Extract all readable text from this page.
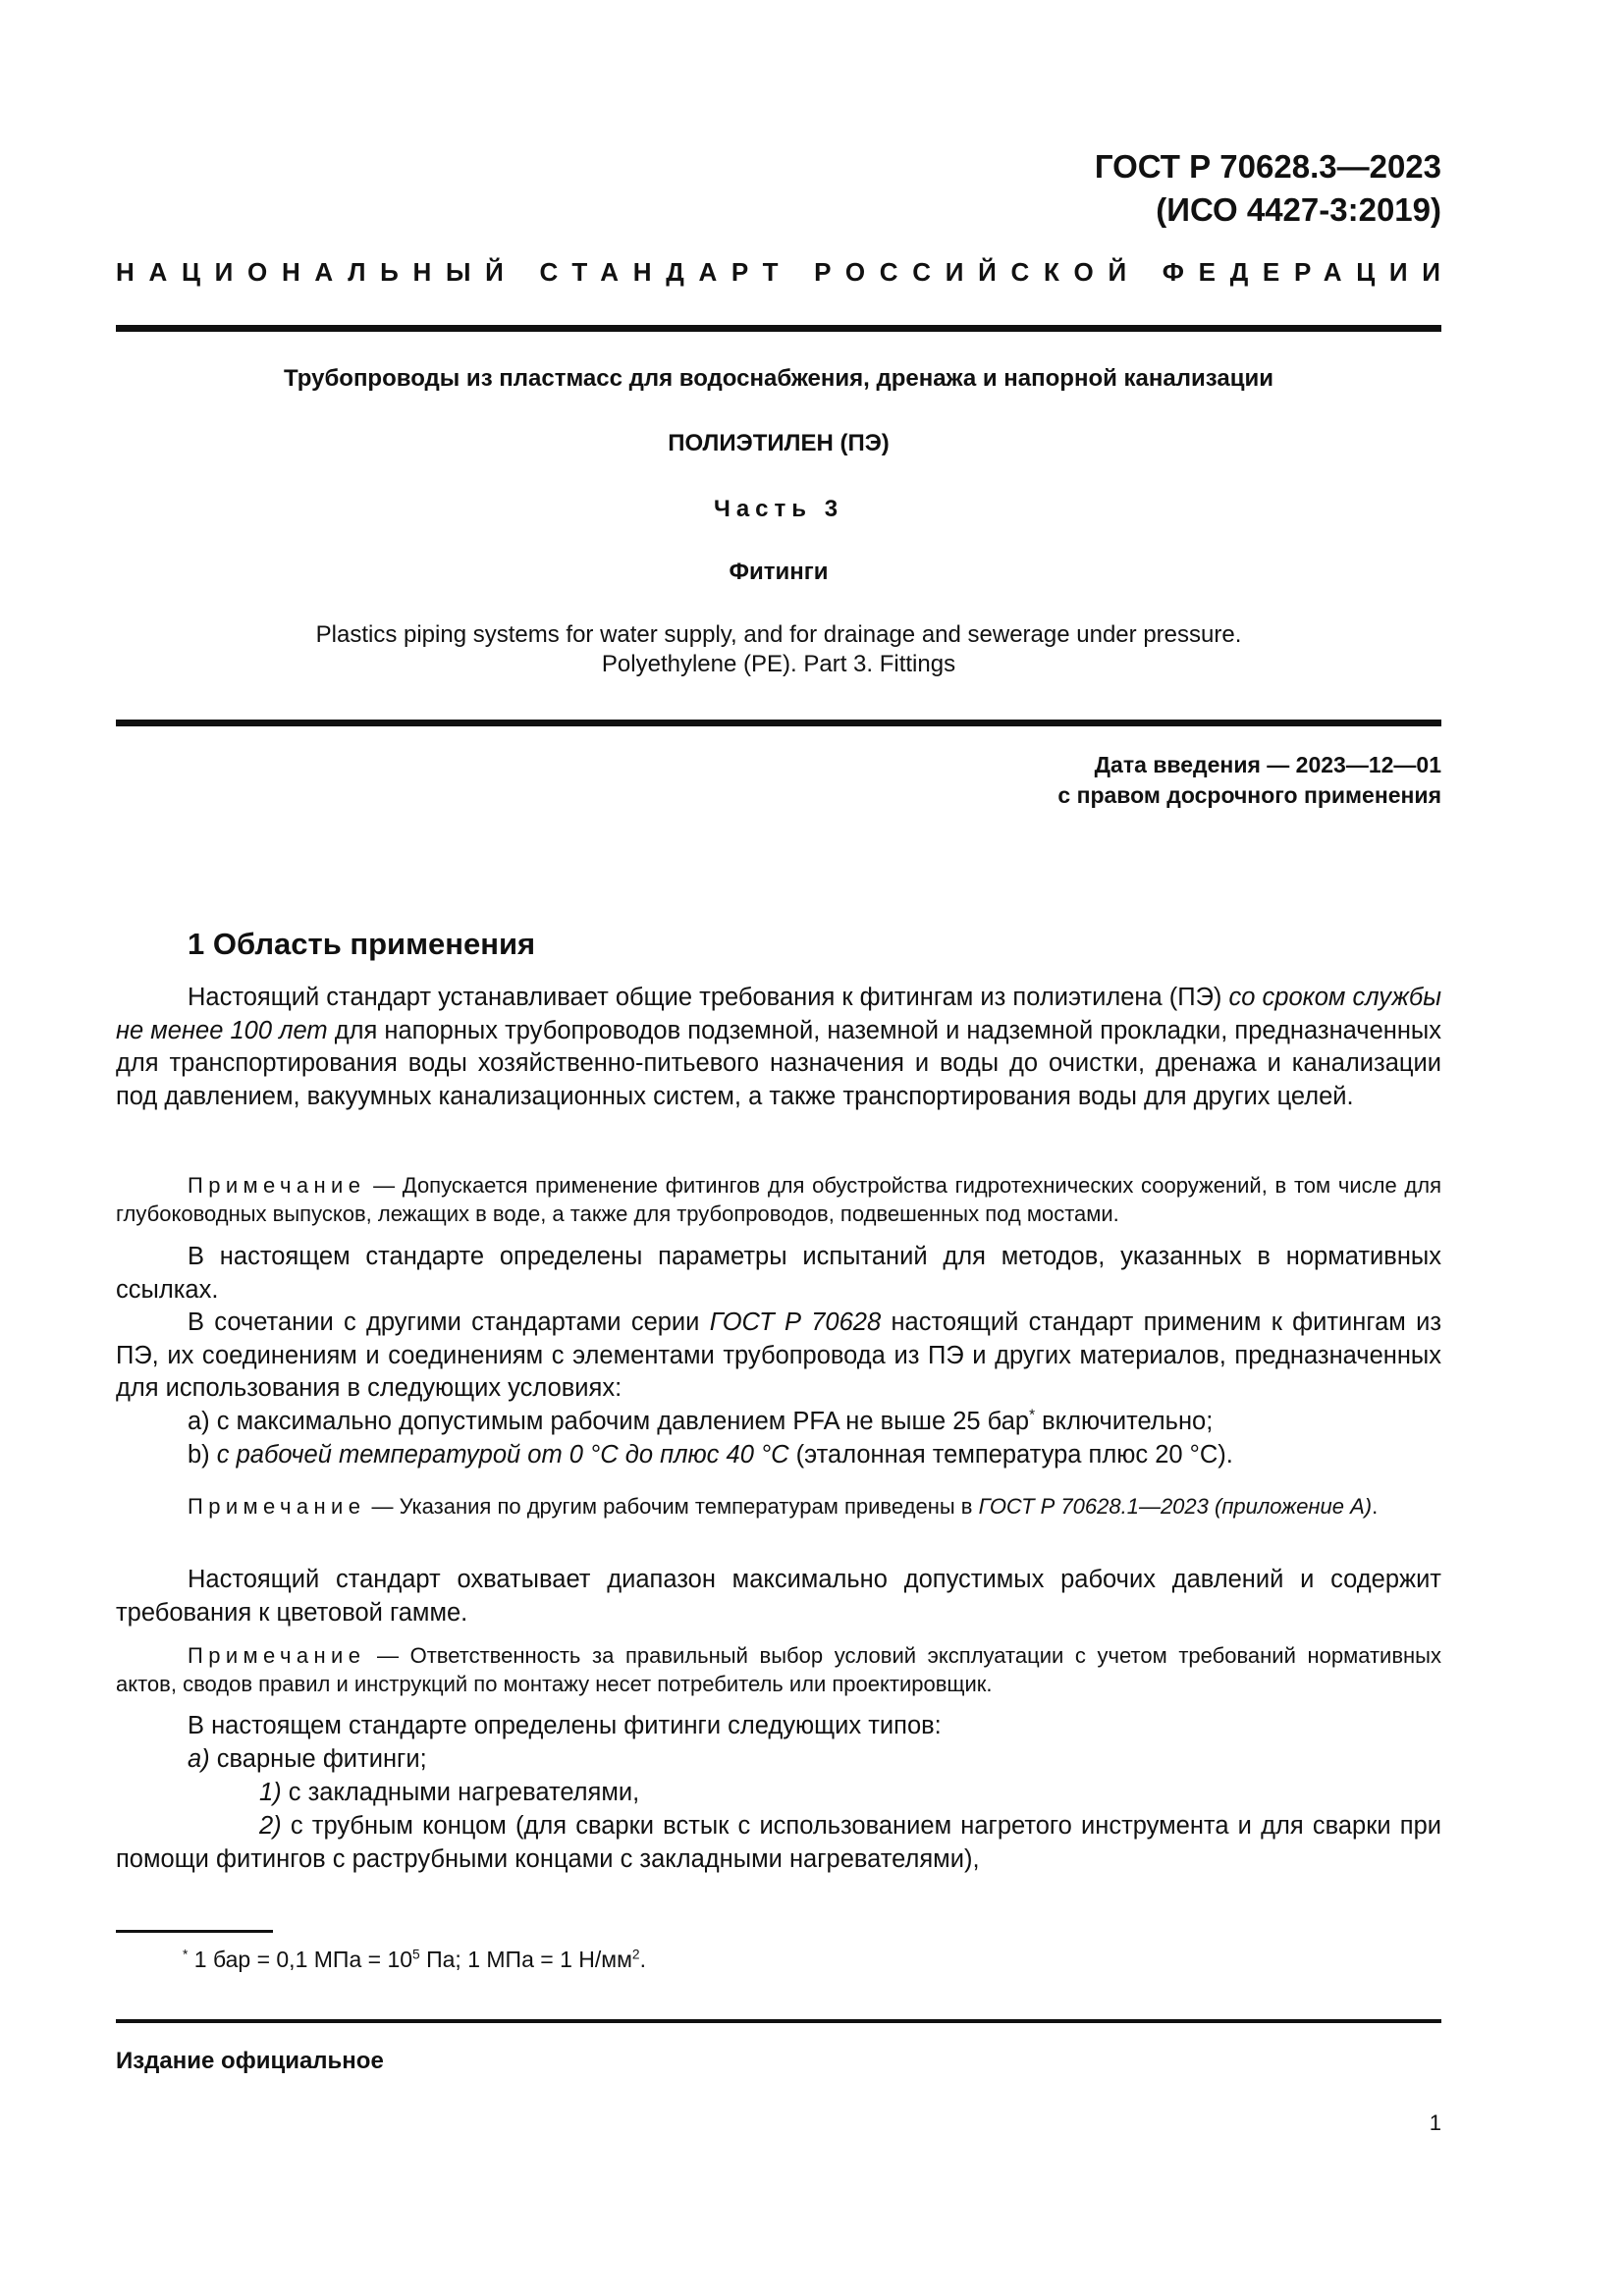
ГОСТ Р 70628.3—2023
(ИСО 4427-3:2019)
НАЦИОНАЛЬНЫЙ СТАНДАРТ РОССИЙСКОЙ ФЕДЕРАЦИИ
Трубопроводы из пластмасс для водоснабжения, дренажа и напорной канализации
ПОЛИЭТИЛЕН (ПЭ)
Часть 3
Фитинги
Plastics piping systems for water supply, and for drainage and sewerage under pressure.
Polyethylene (PE). Part 3. Fittings
Дата введения — 2023—12—01
с правом досрочного применения
1 Область применения
Настоящий стандарт устанавливает общие требования к фитингам из полиэтилена (ПЭ) со сроком службы не менее 100 лет для напорных трубопроводов подземной, наземной и надземной прокладки, предназначенных для транспортирования воды хозяйственно-питьевого назначения и воды до очистки, дренажа и канализации под давлением, вакуумных канализационных систем, а также транспортирования воды для других целей.
Примечание — Допускается применение фитингов для обустройства гидротехнических сооружений, в том числе для глубоководных выпусков, лежащих в воде, а также для трубопроводов, подвешенных под мостами.
В настоящем стандарте определены параметры испытаний для методов, указанных в нормативных ссылках.
В сочетании с другими стандартами серии ГОСТ Р 70628 настоящий стандарт применим к фитингам из ПЭ, их соединениям и соединениям с элементами трубопровода из ПЭ и других материалов, предназначенных для использования в следующих условиях:
а) с максимально допустимым рабочим давлением PFA не выше 25 бар* включительно;
b) с рабочей температурой от 0 °C до плюс 40 °C (эталонная температура плюс 20 °C).
Примечание — Указания по другим рабочим температурам приведены в ГОСТ Р 70628.1—2023 (приложение А).
Настоящий стандарт охватывает диапазон максимально допустимых рабочих давлений и содержит требования к цветовой гамме.
Примечание — Ответственность за правильный выбор условий эксплуатации с учетом требований нормативных актов, сводов правил и инструкций по монтажу несет потребитель или проектировщик.
В настоящем стандарте определены фитинги следующих типов:
а) сварные фитинги;
1) с закладными нагревателями,
2) с трубным концом (для сварки встык с использованием нагретого инструмента и для сварки при помощи фитингов с раструбными концами с закладными нагревателями),
* 1 бар = 0,1 МПа = $10^5$ Па; 1 МПа = 1 $Н/мм^2$.
Издание официальное
1
